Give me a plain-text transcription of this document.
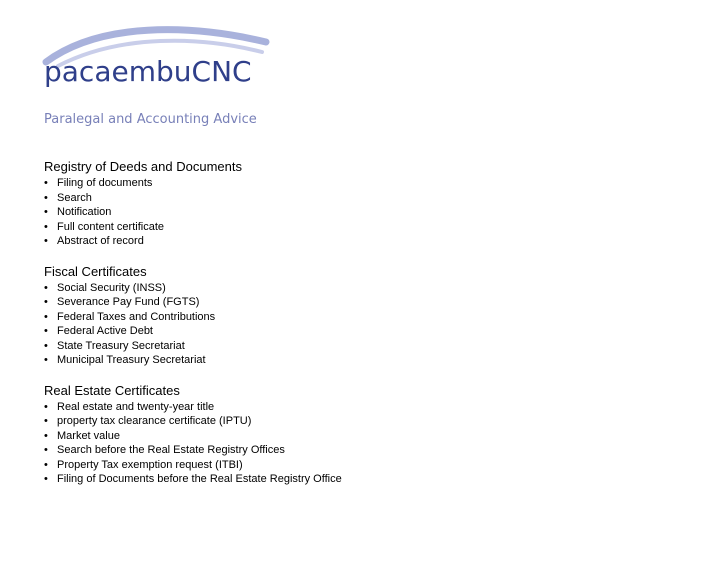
pacaembuCNC
Paralegal and Accounting Advice
Registry of Deeds and Documents
• Filing of documents
• Search
• Notification
• Full content certificate
• Abstract of record
Fiscal Certificates
• Social Security (INSS)
• Severance Pay Fund (FGTS)
• Federal Taxes and Contributions
• Federal Active Debt
• State Treasury Secretariat
• Municipal Treasury Secretariat
Real Estate Certificates
• Real estate and twenty-year title
• property tax clearance certificate (IPTU)
• Market value
• Search before the Real Estate Registry Offices
• Property Tax exemption request (ITBI)
• Filing of Documents before the Real Estate Registry Office
